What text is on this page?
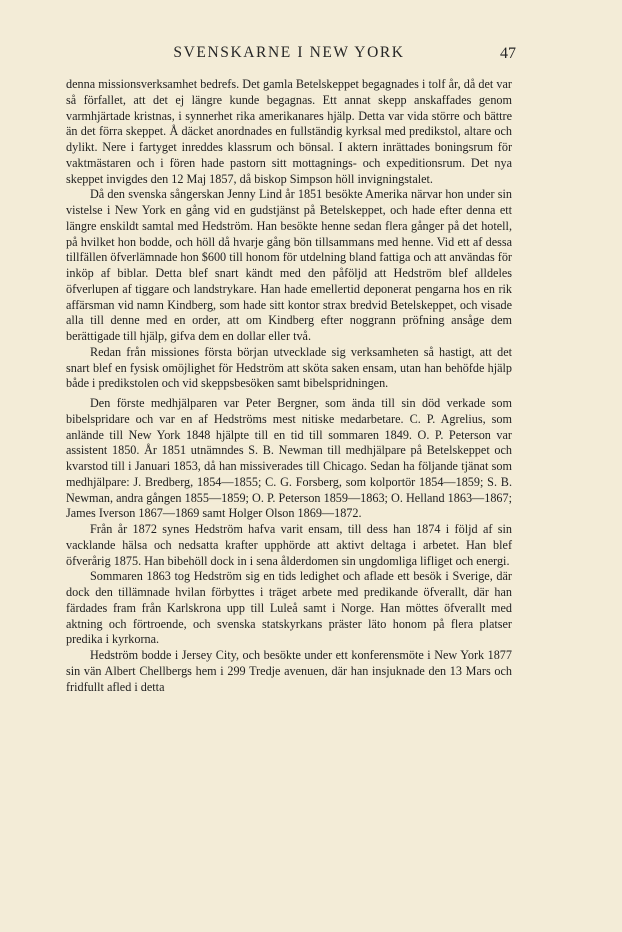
SVENSKARNE I NEW YORK	47

denna missionsverksamhet bedrefs. Det gamla Betelskeppet begagnades i tolf år, då det var så förfallet, att det ej längre kunde begagnas. Ett annat skepp anskaffades genom varmhjärtade kristnas, i synnerhet rika amerikanares hjälp. Detta var vida större och bättre än det förra skeppet. Å däcket anordnades en fullständig kyrksal med predikstol, altare och dylikt. Nere i fartyget inreddes klassrum och bönsal. I aktern inrättades boningsrum för vaktmästaren och i fören hade pastorn sitt mottagnings- och expeditionsrum. Det nya skeppet invigdes den 12 Maj 1857, då biskop Simpson höll invigningstalet.

Då den svenska sångerskan Jenny Lind år 1851 besökte Amerika närvar hon under sin vistelse i New York en gång vid en gudstjänst på Betelskeppet, och hade efter denna ett längre enskildt samtal med Hedström. Han besökte henne sedan flera gånger på det hotell, på hvilket hon bodde, och höll då hvarje gång bön tillsammans med henne. Vid ett af dessa tillfällen öfverlämnade hon $600 till honom för utdelning bland fattiga och att användas för inköp af biblar. Detta blef snart kändt med den påföljd att Hedström blef alldeles öfverlupen af tiggare och landstrykare. Han hade emellertid deponerat pengarna hos en rik affärsman vid namn Kindberg, som hade sitt kontor strax bredvid Betelskeppet, och visade alla till denne med en order, att om Kindberg efter noggrann pröfning ansåge dem berättigade till hjälp, gifva dem en dollar eller två.

Redan från missiones första början utvecklade sig verksamheten så hastigt, att det snart blef en fysisk omöjlighet för Hedström att sköta saken ensam, utan han behöfde hjälp både i predikstolen och vid skeppsbesöken samt bibelspridningen.

Den förste medhjälparen var Peter Bergner, som ända till sin död verkade som bibelspridare och var en af Hedströms mest nitiske medarbetare. C. P. Agrelius, som anlände till New York 1848 hjälpte till en tid till sommaren 1849. O. P. Peterson var assistent 1850. År 1851 utnämndes S. B. Newman till medhjälpare på Betelskeppet och kvarstod till i Januari 1853, då han missiverades till Chicago. Sedan ha följande tjänat som medhjälpare: J. Bredberg, 1854—1855; C. G. Forsberg, som kolportör 1854—1859; S. B. Newman, andra gången 1855—1859; O. P. Peterson 1859—1863; O. Helland 1863—1867; James Iverson 1867—1869 samt Holger Olson 1869—1872.

Från år 1872 synes Hedström hafva varit ensam, till dess han 1874 i följd af sin vacklande hälsa och nedsatta krafter upphörde att aktivt deltaga i arbetet. Han blef öfverårig 1875. Han bibehöll dock in i sena ålderdomen sin ungdomliga lifliget och energi.

Sommaren 1863 tog Hedström sig en tids ledighet och aflade ett besök i Sverige, där dock den tillämnade hvilan förbyttes i träget arbete med predikande öfverallt, där han färdades fram från Karlskrona upp till Luleå samt i Norge. Han möttes öfverallt med aktning och förtroende, och svenska statskyrkans präster läto honom på flera platser predika i kyrkorna.

Hedström bodde i Jersey City, och besökte under ett konferensmöte i New York 1877 sin vän Albert Chellbergs hem i 299 Tredje avenuen, där han insjuknade den 13 Mars och fridfullt afled i detta
